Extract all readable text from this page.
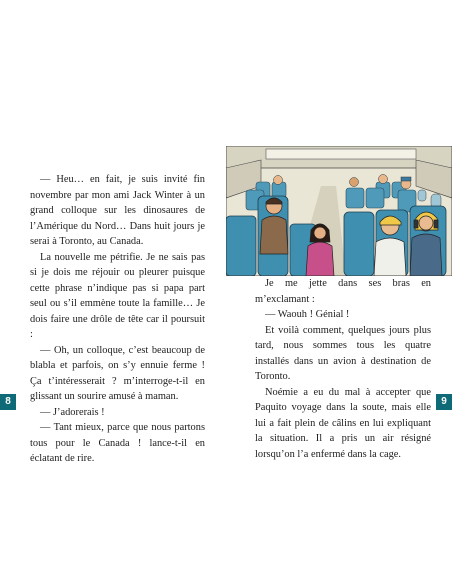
— Heu… en fait, je suis invité fin novembre par mon ami Jack Winter à un grand colloque sur les dinosaures de l’Amérique du Nord… Dans huit jours je serai à Toronto, au Canada.

La nouvelle me pétrifie. Je ne sais pas si je dois me réjouir ou pleurer puisque cette phrase n’indique pas si papa part seul ou s’il emmène toute la famille… Je dois faire une drôle de tête car il poursuit :

— Oh, un colloque, c’est beaucoup de blabla et parfois, on s’y ennuie ferme ! Ça t’intéresserait ? m’interroge-t-il en glissant un sourire amusé à maman.

— J’adorerais !

— Tant mieux, parce que nous partons tous pour le Canada ! lance-t-il en éclatant de rire.

8

Je me jette dans ses bras en m’exclamant :

— Waouh ! Génial !

Et voilà comment, quelques jours plus tard, nous sommes tous les quatre installés dans un avion à destination de Toronto.

Noémie a eu du mal à accepter que Paquito voyage dans la soute, mais elle lui a fait plein de câlins en lui expliquant la situation. Il a pris un air résigné lorsqu’on l’a enfermé dans la cage.

9
